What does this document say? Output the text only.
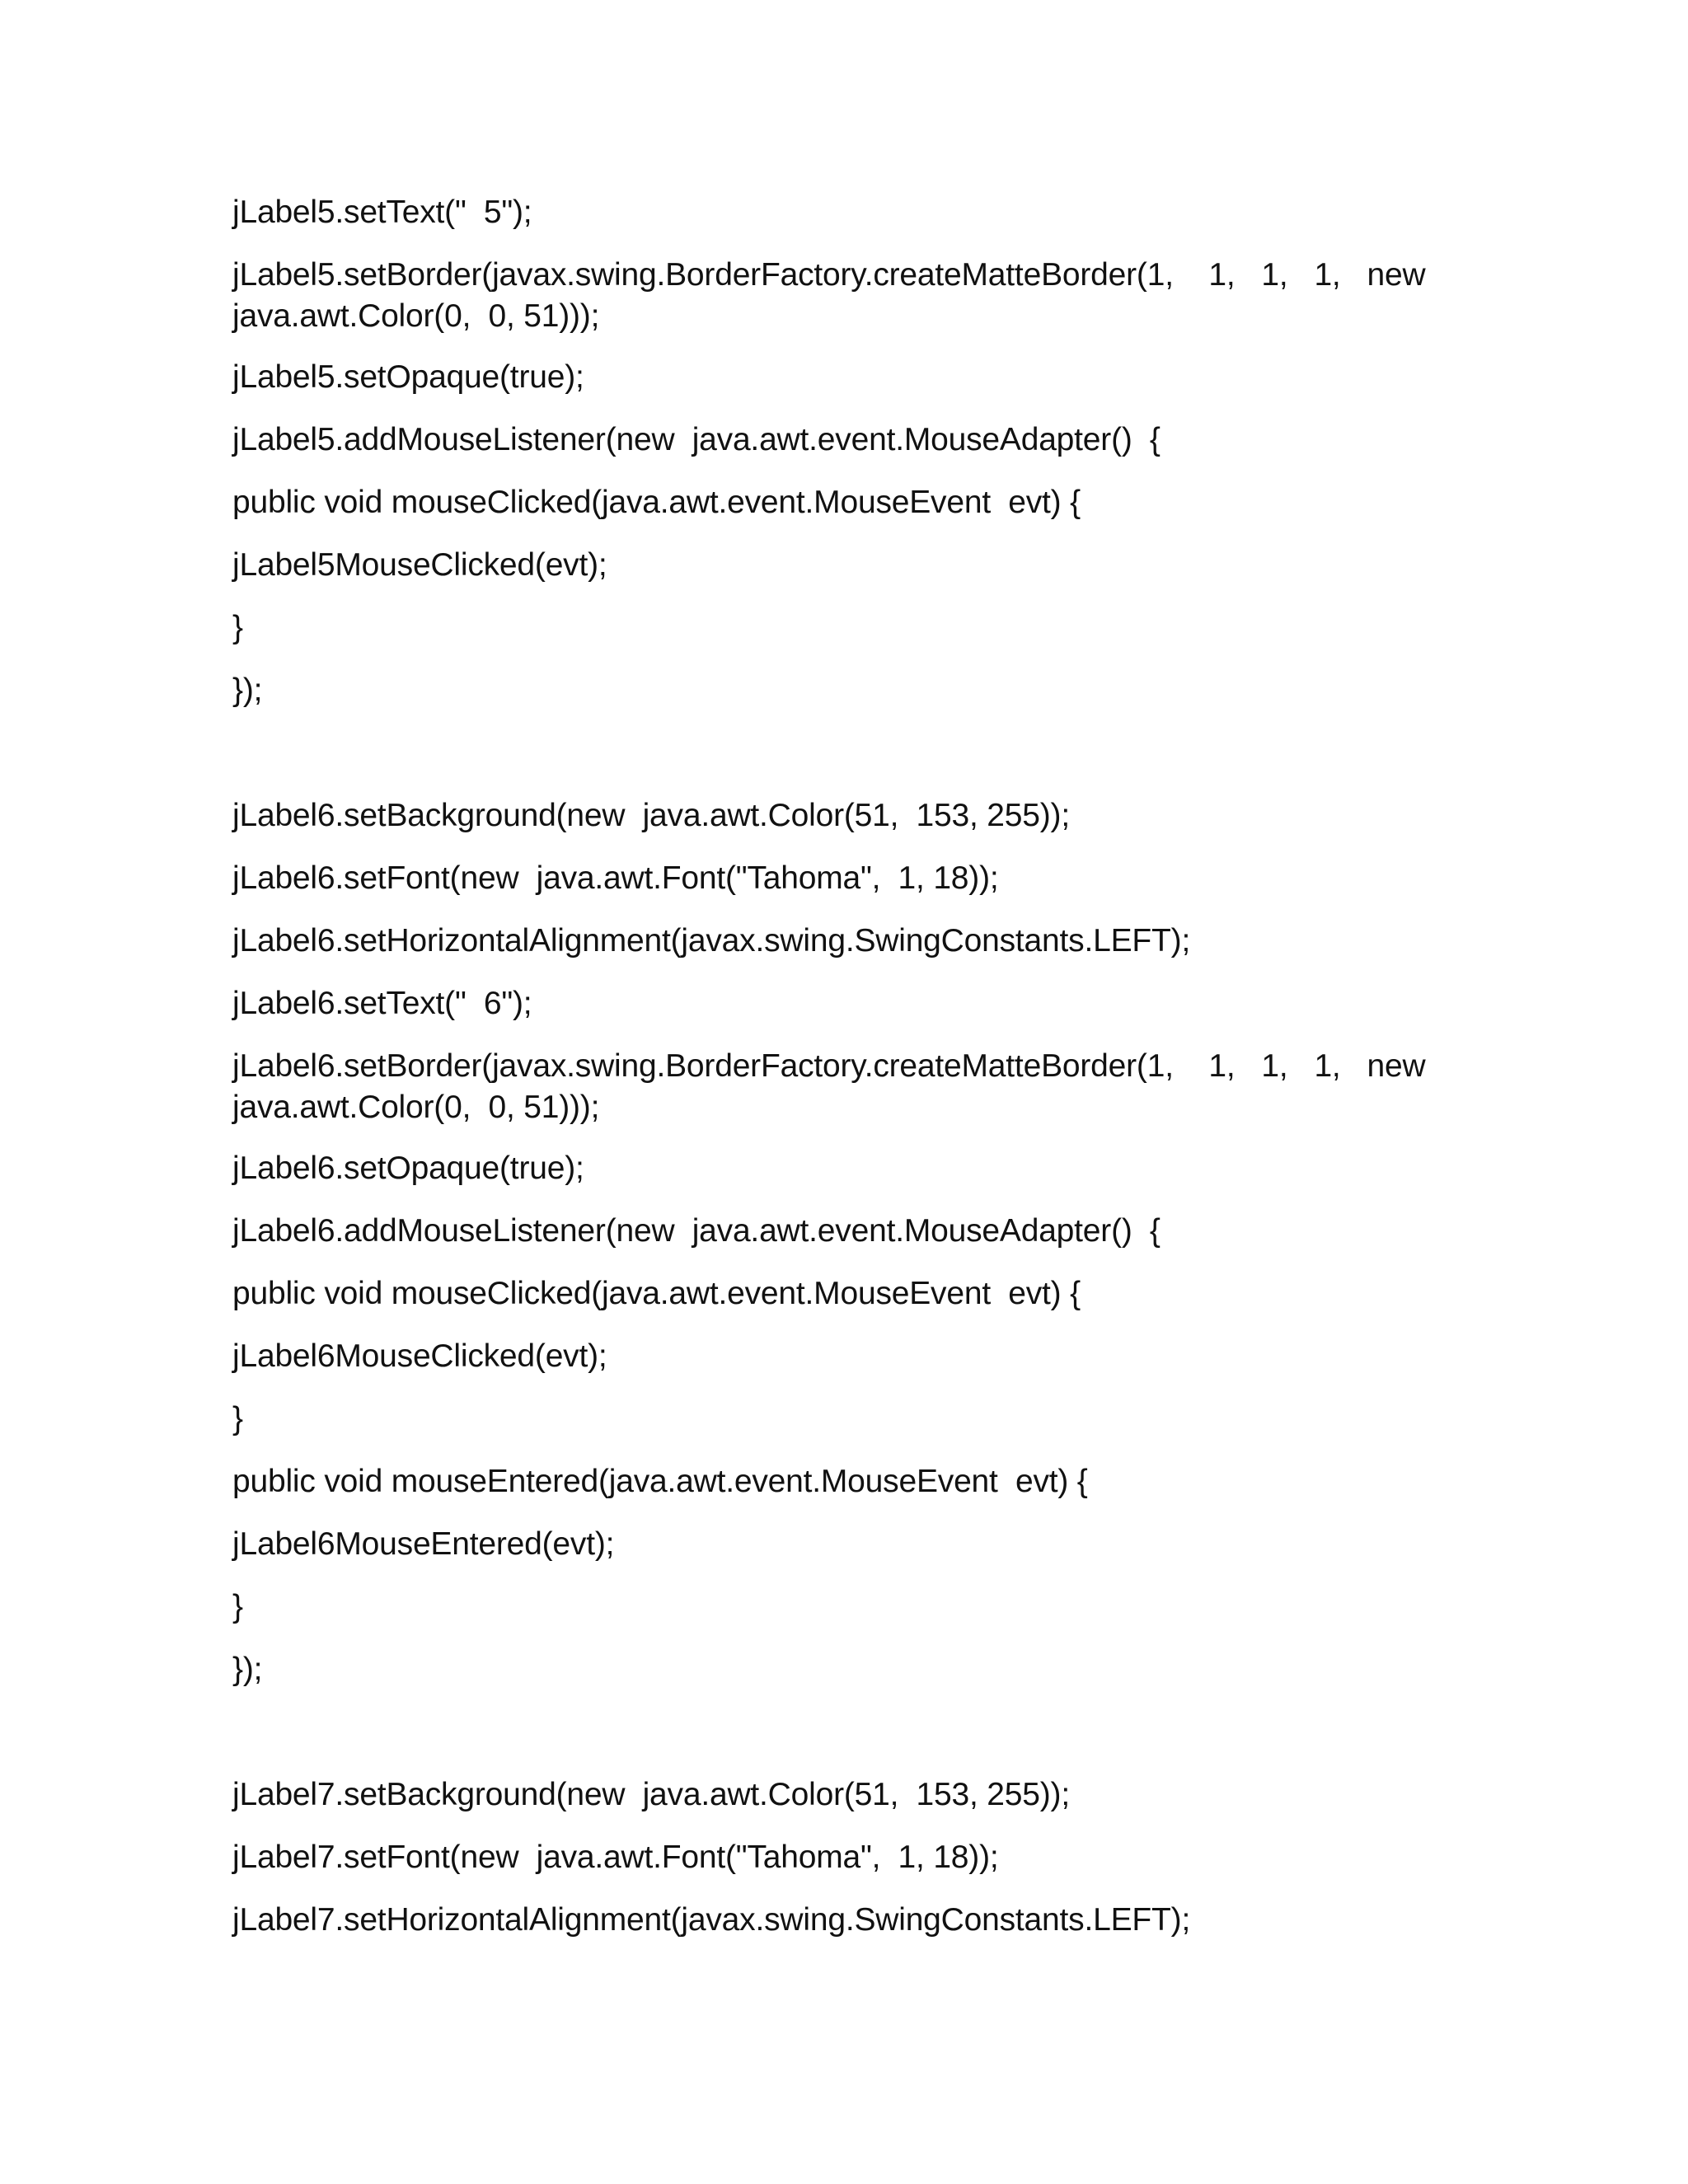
jLabel5.setText("  5");

jLabel5.setBorder(javax.swing.BorderFactory.createMatteBorder(1,    1,   1,   1,   new

java.awt.Color(0,  0, 51)));

jLabel5.setOpaque(true);

jLabel5.addMouseListener(new  java.awt.event.MouseAdapter()  {

public void mouseClicked(java.awt.event.MouseEvent  evt) {

jLabel5MouseClicked(evt);

}

});

jLabel6.setBackground(new  java.awt.Color(51,  153, 255));

jLabel6.setFont(new  java.awt.Font("Tahoma",  1, 18));

jLabel6.setHorizontalAlignment(javax.swing.SwingConstants.LEFT);

jLabel6.setText("  6");

jLabel6.setBorder(javax.swing.BorderFactory.createMatteBorder(1,    1,   1,   1,   new

java.awt.Color(0,  0, 51)));

jLabel6.setOpaque(true);

jLabel6.addMouseListener(new  java.awt.event.MouseAdapter()  {

public void mouseClicked(java.awt.event.MouseEvent  evt) {

jLabel6MouseClicked(evt);

}

public void mouseEntered(java.awt.event.MouseEvent  evt) {

jLabel6MouseEntered(evt);

}

});

jLabel7.setBackground(new  java.awt.Color(51,  153, 255));

jLabel7.setFont(new  java.awt.Font("Tahoma",  1, 18));

jLabel7.setHorizontalAlignment(javax.swing.SwingConstants.LEFT);
